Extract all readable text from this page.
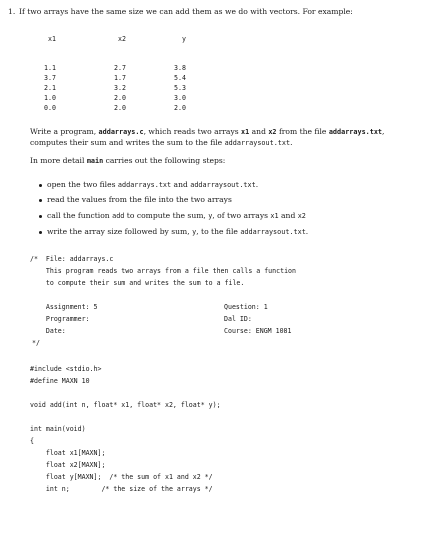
1. If two arrays have the same size we can add them as we do with vectors. For example:
x1	x2	y
1.1	2.7	3.8
3.7	1.7	5.4
2.1	3.2	5.3
1.0	2.0	3.0
0.0	2.0	2.0
Write a program, addarrays.c, which reads two arrays x1 and x2 from the file addarrays.txt,
computes their sum and writes the sum to the file addarraysout.txt.
In more detail main carries out the following steps:
open the two files addarrays.txt and addarraysout.txt.
read the values from the file into the two arrays
call the function add to compute the sum, y, of two arrays x1 and x2
write the array size followed by sum, y, to the file addarraysout.txt.
/*  File: addarrays.c
This program reads two arrays from a file then calls a function
to compute their sum and writes the sum to a file.
Assignment: 5	Question: 1
Programmer:	Dal ID:
Date:	Course: ENGM 1081
*/
#include <stdio.h>
#define MAXN 10
void add(int n, float* x1, float* x2, float* y);
int main(void)
{
float x1[MAXN];
float x2[MAXN];
float y[MAXN];  /* the sum of x1 and x2 */
int n;        /* the size of the arrays */
